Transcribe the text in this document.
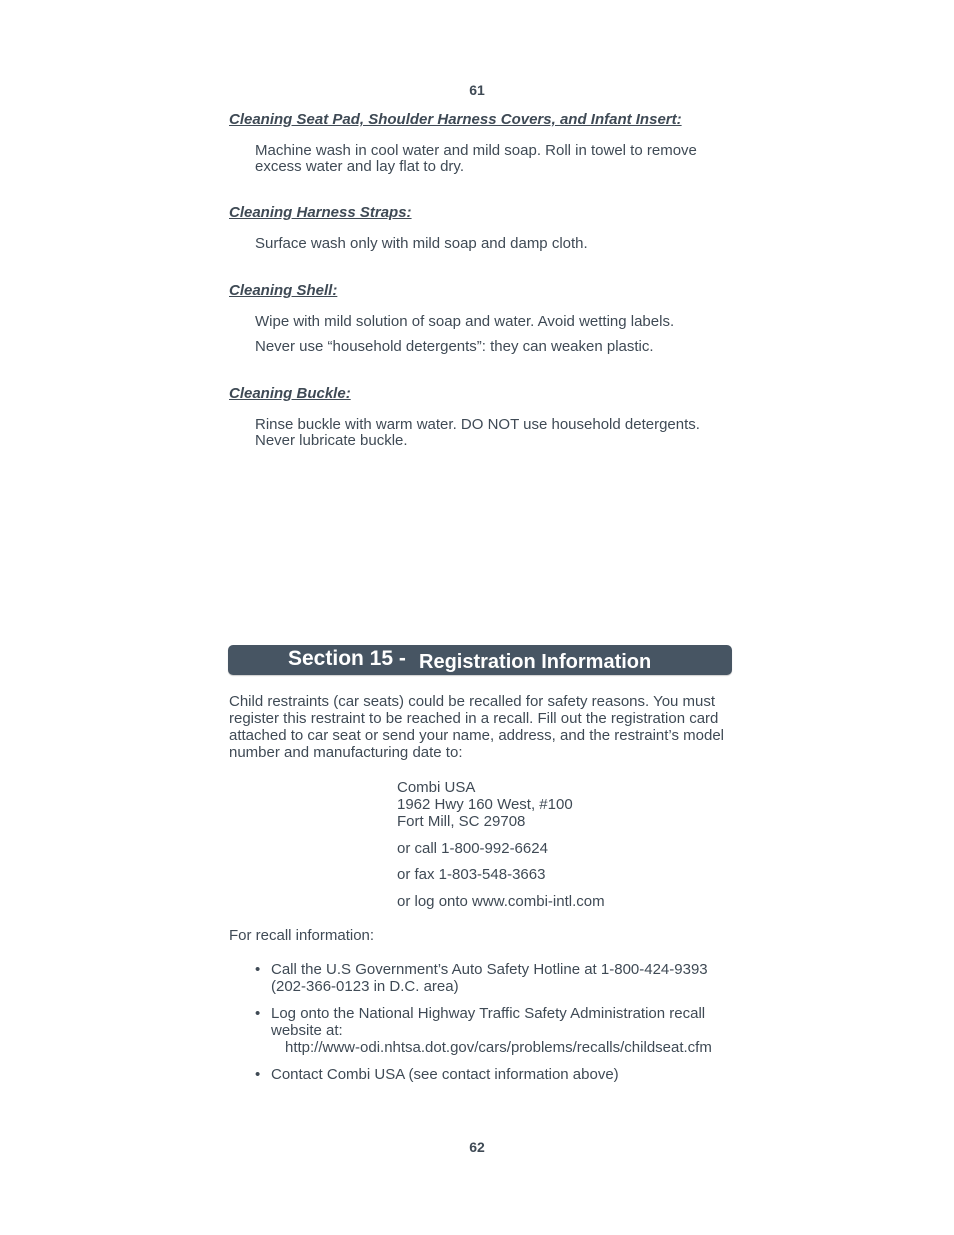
61
Cleaning Seat Pad, Shoulder Harness Covers, and Infant Insert:
Machine wash in cool water and mild soap. Roll in towel to remove excess water and lay flat to dry.
Cleaning Harness Straps:
Surface wash only with mild soap and damp cloth.
Cleaning Shell:
Wipe with mild solution of soap and water. Avoid wetting labels.
Never use “household detergents”: they can weaken plastic.
Cleaning Buckle:
Rinse buckle with warm water. DO NOT use household detergents. Never lubricate buckle.
Section 15 - Registration Information
Child restraints (car seats) could be recalled for safety reasons. You must register this restraint to be reached in a recall. Fill out the registration card attached to car seat or send your name, address, and the restraint’s model number and manufacturing date to:
Combi USA
1962 Hwy 160 West, #100
Fort Mill, SC 29708
or call 1-800-992-6624
or fax 1-803-548-3663
or log onto www.combi-intl.com
For recall information:
• Call the U.S Government’s Auto Safety Hotline at 1-800-424-9393 (202-366-0123 in D.C. area)
• Log onto the National Highway Traffic Safety Administration recall website at:
http://www-odi.nhtsa.dot.gov/cars/problems/recalls/childseat.cfm
• Contact Combi USA (see contact information above)
62
